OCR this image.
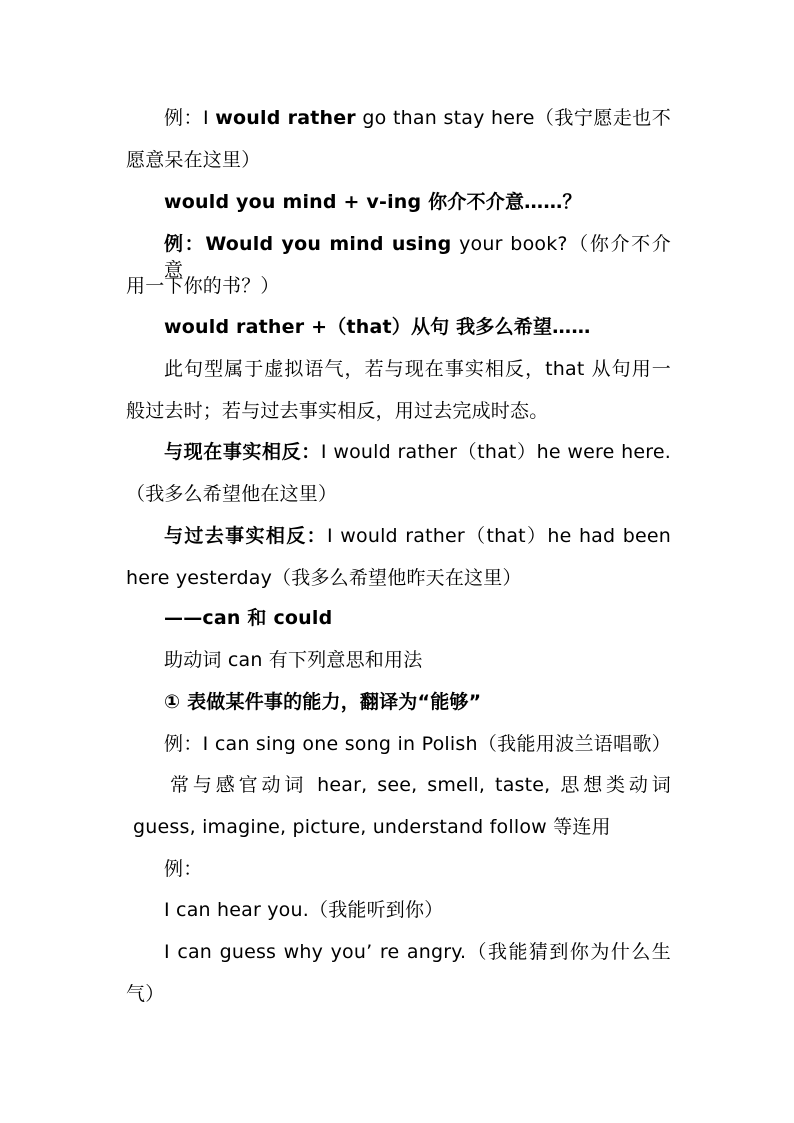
例：I would rather go than stay here（我宁愿走也不
愿意呆在这里）
would you mind + v-ing 你介不介意……？
例：Would you mind using your book?（你介不介意
用一下你的书？）
would rather +（that）从句 我多么希望……
此句型属于虚拟语气，若与现在事实相反，that 从句用一
般过去时；若与过去事实相反，用过去完成时态。
与现在事实相反：I would rather（that）he were here.
（我多么希望他在这里）
与过去事实相反：I would rather（that）he had been
here yesterday（我多么希望他昨天在这里）
——can 和 could
助动词 can 有下列意思和用法
① 表做某件事的能力，翻译为“能够”
例：I can sing one song in Polish（我能用波兰语唱歌）
常与感官动词 hear, see, smell, taste, 思想类动词
guess, imagine, picture, understand follow 等连用
例：
I can hear you.（我能听到你）
I can guess why you’ re angry.（我能猜到你为什么生
气）
